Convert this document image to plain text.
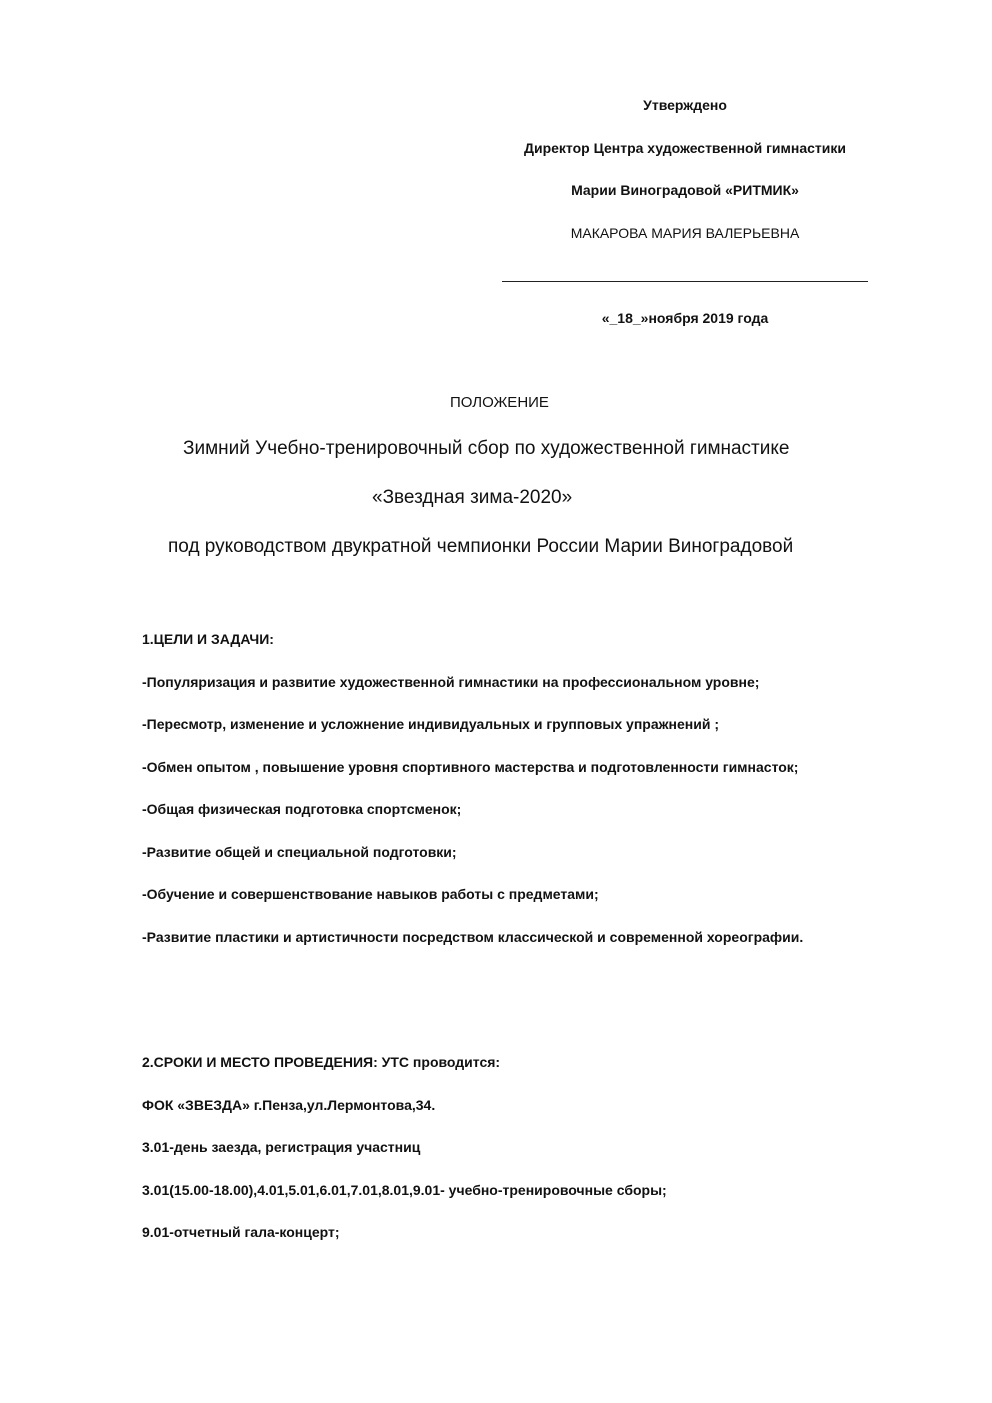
Утверждено
Директор Центра художественной гимнастики
Марии Виноградовой «РИТМИК»
МАКАРОВА МАРИЯ ВАЛЕРЬЕВНА
«_18_»ноября 2019 года
ПОЛОЖЕНИЕ
Зимний Учебно-тренировочный сбор по художественной гимнастике
«Звездная зима-2020»
под руководством двукратной чемпионки России Марии Виноградовой
1.ЦЕЛИ И ЗАДАЧИ:
-Популяризация и развитие художественной гимнастики на профессиональном уровне;
-Пересмотр, изменение и усложнение индивидуальных и групповых упражнений ;
-Обмен опытом , повышение уровня спортивного мастерства и подготовленности гимнасток;
-Общая физическая подготовка спортсменок;
-Развитие общей и специальной подготовки;
-Обучение и совершенствование навыков работы с предметами;
-Развитие пластики и артистичности посредством классической и современной хореографии.
2.СРОКИ И МЕСТО ПРОВЕДЕНИЯ: УТС проводится:
ФОК «ЗВЕЗДА» г.Пенза,ул.Лермонтова,34.
3.01-день заезда, регистрация участниц
3.01(15.00-18.00),4.01,5.01,6.01,7.01,8.01,9.01- учебно-тренировочные сборы;
9.01-отчетный гала-концерт;
